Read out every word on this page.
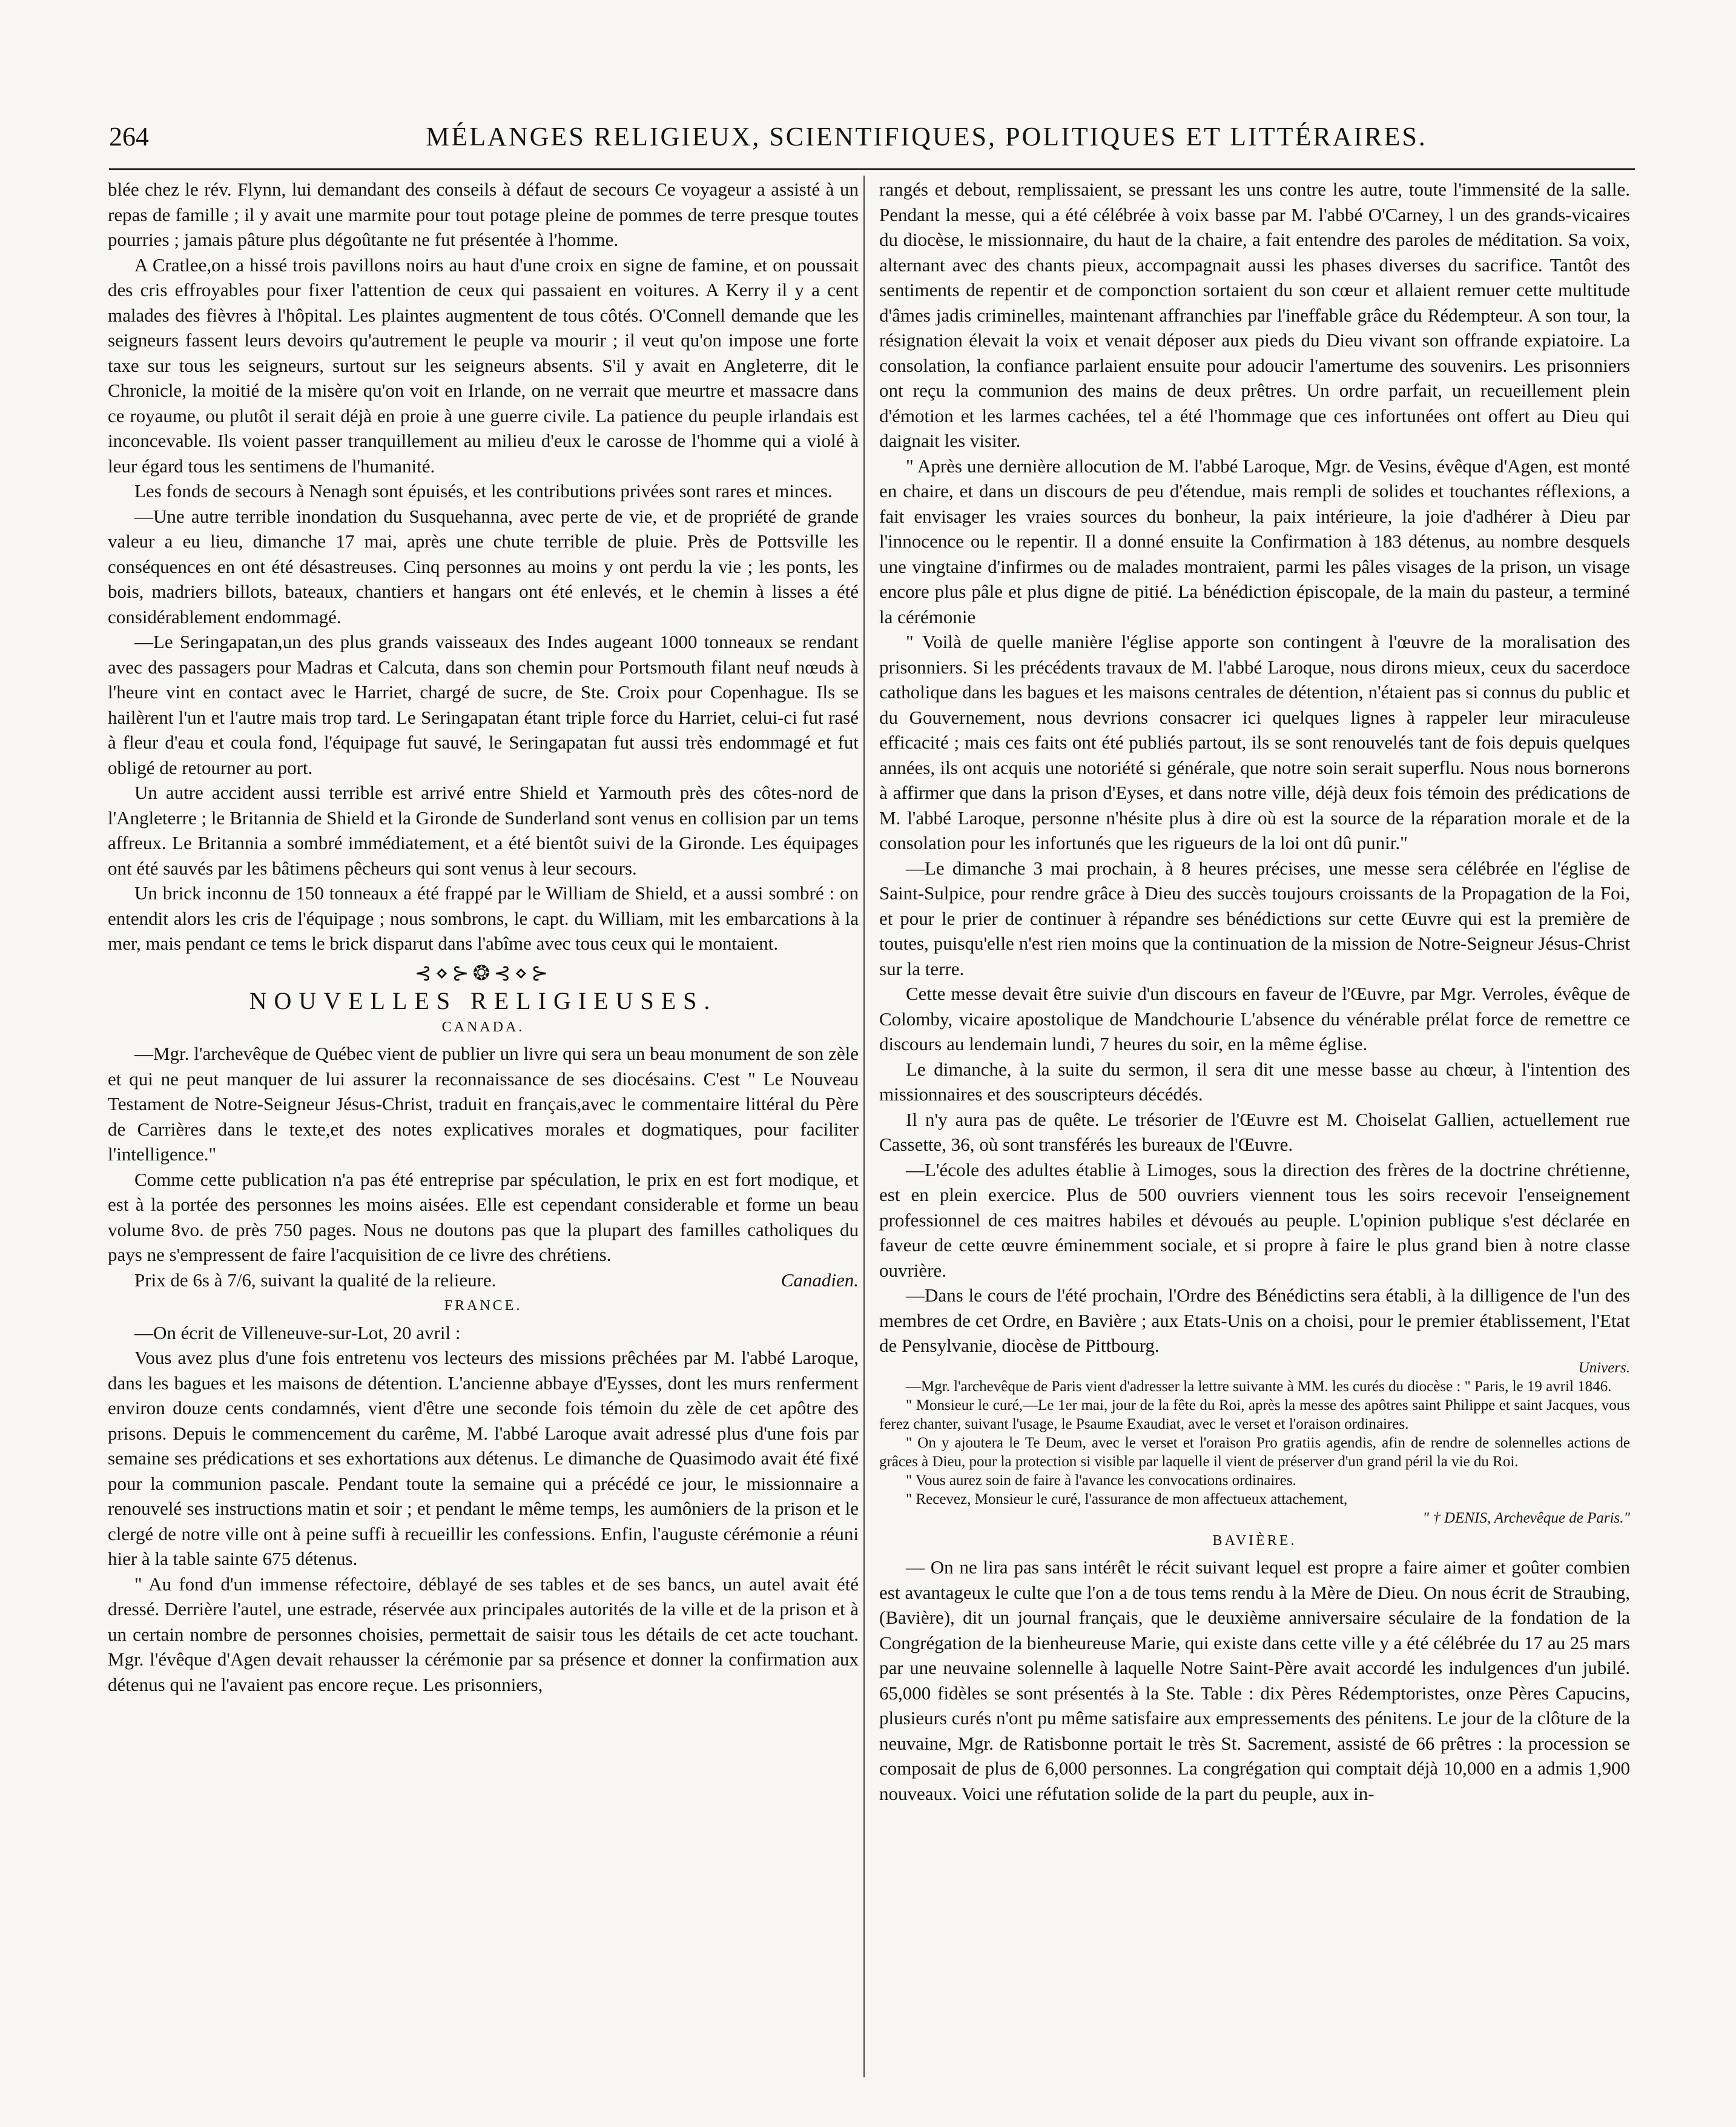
264	MÉLANGES RELIGIEUX, SCIENTIFIQUES, POLITIQUES ET LITTÉRAIRES.

blée chez le rév. Flynn, lui demandant des conseils à défaut de secours Ce voyageur a assisté à un repas de famille ; il y avait une marmite pour tout potage pleine de pommes de terre presque toutes pourries ; jamais pâture plus dégoûtante ne fut présentée à l'homme.

A Cratlee,on a hissé trois pavillons noirs au haut d'une croix en signe de famine, et on poussait des cris effroyables pour fixer l'attention de ceux qui passaient en voitures. A Kerry il y a cent malades des fièvres à l'hôpital. Les plaintes augmentent de tous côtés. O'Connell demande que les seigneurs fassent leurs devoirs qu'autrement le peuple va mourir ; il veut qu'on impose une forte taxe sur tous les seigneurs, surtout sur les seigneurs absents. S'il y avait en Angleterre, dit le Chronicle, la moitié de la misère qu'on voit en Irlande, on ne verrait que meurtre et massacre dans ce royaume, ou plutôt il serait déjà en proie à une guerre civile. La patience du peuple irlandais est inconcevable. Ils voient passer tranquillement au milieu d'eux le carosse de l'homme qui a violé à leur égard tous les sentimens de l'humanité.

Les fonds de secours à Nenagh sont épuisés, et les contributions privées sont rares et minces.

—Une autre terrible inondation du Susquehanna, avec perte de vie, et de propriété de grande valeur a eu lieu, dimanche 17 mai, après une chute terrible de pluie. Près de Pottsville les conséquences en ont été désastreuses. Cinq personnes au moins y ont perdu la vie ; les ponts, les bois, madriers billots, bateaux, chantiers et hangars ont été enlevés, et le chemin à lisses a été considérablement endommagé.

—Le Seringapatan,un des plus grands vaisseaux des Indes augeant 1000 tonneaux se rendant avec des passagers pour Madras et Calcuta, dans son chemin pour Portsmouth filant neuf nœuds à l'heure vint en contact avec le Harriet, chargé de sucre, de Ste. Croix pour Copenhague. Ils se hailèrent l'un et l'autre mais trop tard. Le Seringapatan étant triple force du Harriet, celui-ci fut rasé à fleur d'eau et coula fond, l'équipage fut sauvé, le Seringapatan fut aussi très endommagé et fut obligé de retourner au port.

Un autre accident aussi terrible est arrivé entre Shield et Yarmouth près des côtes-nord de l'Angleterre ; le Britannia de Shield et la Gironde de Sunderland sont venus en collision par un tems affreux. Le Britannia a sombré immédiatement, et a été bientôt suivi de la Gironde. Les équipages ont été sauvés par les bâtimens pêcheurs qui sont venus à leur secours.

Un brick inconnu de 150 tonneaux a été frappé par le William de Shield, et a aussi sombré : on entendit alors les cris de l'équipage ; nous sombrons, le capt. du William, mit les embarcations à la mer, mais pendant ce tems le brick disparut dans l'abîme avec tous ceux qui le montaient.

⊰⋄⊱❂⊰⋄⊱
NOUVELLES RELIGIEUSES.
CANADA.

—Mgr. l'archevêque de Québec vient de publier un livre qui sera un beau monument de son zèle et qui ne peut manquer de lui assurer la reconnaissance de ses diocésains. C'est " Le Nouveau Testament de Notre-Seigneur Jésus-Christ, traduit en français,avec le commentaire littéral du Père de Carrières dans le texte,et des notes explicatives morales et dogmatiques, pour faciliter l'intelligence."

Comme cette publication n'a pas été entreprise par spéculation, le prix en est fort modique, et est à la portée des personnes les moins aisées. Elle est cependant considerable et forme un beau volume 8vo. de près 750 pages. Nous ne doutons pas que la plupart des familles catholiques du pays ne s'empressent de faire l'acquisition de ce livre des chrétiens.

Prix de 6s à 7/6, suivant la qualité de la relieure.	Canadien.

FRANCE.

—On écrit de Villeneuve-sur-Lot, 20 avril :

Vous avez plus d'une fois entretenu vos lecteurs des missions prêchées par M. l'abbé Laroque, dans les bagues et les maisons de détention. L'ancienne abbaye d'Eysses, dont les murs renferment environ douze cents condamnés, vient d'être une seconde fois témoin du zèle de cet apôtre des prisons. Depuis le commencement du carême, M. l'abbé Laroque avait adressé plus d'une fois par semaine ses prédications et ses exhortations aux détenus. Le dimanche de Quasimodo avait été fixé pour la communion pascale. Pendant toute la semaine qui a précédé ce jour, le missionnaire a renouvelé ses instructions matin et soir ; et pendant le même temps, les aumôniers de la prison et le clergé de notre ville ont à peine suffi à recueillir les confessions. Enfin, l'auguste cérémonie a réuni hier à la table sainte 675 détenus.

" Au fond d'un immense réfectoire, déblayé de ses tables et de ses bancs, un autel avait été dressé. Derrière l'autel, une estrade, réservée aux principales autorités de la ville et de la prison et à un certain nombre de personnes choisies, permettait de saisir tous les détails de cet acte touchant. Mgr. l'évêque d'Agen devait rehausser la cérémonie par sa présence et donner la confirmation aux détenus qui ne l'avaient pas encore reçue. Les prisonniers,

rangés et debout, remplissaient, se pressant les uns contre les autre, toute l'immensité de la salle. Pendant la messe, qui a été célébrée à voix basse par M. l'abbé O'Carney, l un des grands-vicaires du diocèse, le missionnaire, du haut de la chaire, a fait entendre des paroles de méditation. Sa voix, alternant avec des chants pieux, accompagnait aussi les phases diverses du sacrifice. Tantôt des sentiments de repentir et de componction sortaient du son cœur et allaient remuer cette multitude d'âmes jadis criminelles, maintenant affranchies par l'ineffable grâce du Rédempteur. A son tour, la résignation élevait la voix et venait déposer aux pieds du Dieu vivant son offrande expiatoire. La consolation, la confiance parlaient ensuite pour adoucir l'amertume des souvenirs. Les prisonniers ont reçu la communion des mains de deux prêtres. Un ordre parfait, un recueillement plein d'émotion et les larmes cachées, tel a été l'hommage que ces infortunées ont offert au Dieu qui daignait les visiter.

" Après une dernière allocution de M. l'abbé Laroque, Mgr. de Vesins, évêque d'Agen, est monté en chaire, et dans un discours de peu d'étendue, mais rempli de solides et touchantes réflexions, a fait envisager les vraies sources du bonheur, la paix intérieure, la joie d'adhérer à Dieu par l'innocence ou le repentir. Il a donné ensuite la Confirmation à 183 détenus, au nombre desquels une vingtaine d'infirmes ou de malades montraient, parmi les pâles visages de la prison, un visage encore plus pâle et plus digne de pitié. La bénédiction épiscopale, de la main du pasteur, a terminé la cérémonie

" Voilà de quelle manière l'église apporte son contingent à l'œuvre de la moralisation des prisonniers. Si les précédents travaux de M. l'abbé Laroque, nous dirons mieux, ceux du sacerdoce catholique dans les bagues et les maisons centrales de détention, n'étaient pas si connus du public et du Gouvernement, nous devrions consacrer ici quelques lignes à rappeler leur miraculeuse efficacité ; mais ces faits ont été publiés partout, ils se sont renouvelés tant de fois depuis quelques années, ils ont acquis une notoriété si générale, que notre soin serait superflu. Nous nous bornerons à affirmer que dans la prison d'Eyses, et dans notre ville, déjà deux fois témoin des prédications de M. l'abbé Laroque, personne n'hésite plus à dire où est la source de la réparation morale et de la consolation pour les infortunés que les rigueurs de la loi ont dû punir."

—Le dimanche 3 mai prochain, à 8 heures précises, une messe sera célébrée en l'église de Saint-Sulpice, pour rendre grâce à Dieu des succès toujours croissants de la Propagation de la Foi, et pour le prier de continuer à répandre ses bénédictions sur cette Œuvre qui est la première de toutes, puisqu'elle n'est rien moins que la continuation de la mission de Notre-Seigneur Jésus-Christ sur la terre.

Cette messe devait être suivie d'un discours en faveur de l'Œuvre, par Mgr. Verroles, évêque de Colomby, vicaire apostolique de Mandchourie L'absence du vénérable prélat force de remettre ce discours au lendemain lundi, 7 heures du soir, en la même église.

Le dimanche, à la suite du sermon, il sera dit une messe basse au chœur, à l'intention des missionnaires et des souscripteurs décédés.

Il n'y aura pas de quête. Le trésorier de l'Œuvre est M. Choiselat Gallien, actuellement rue Cassette, 36, où sont transférés les bureaux de l'Œuvre.

—L'école des adultes établie à Limoges, sous la direction des frères de la doctrine chrétienne, est en plein exercice. Plus de 500 ouvriers viennent tous les soirs recevoir l'enseignement professionnel de ces maitres habiles et dévoués au peuple. L'opinion publique s'est déclarée en faveur de cette œuvre éminemment sociale, et si propre à faire le plus grand bien à notre classe ouvrière.

—Dans le cours de l'été prochain, l'Ordre des Bénédictins sera établi, à la dilligence de l'un des membres de cet Ordre, en Bavière ; aux Etats-Unis on a choisi, pour le premier établissement, l'Etat de Pensylvanie, diocèse de Pittbourg.

Univers.

—Mgr. l'archevêque de Paris vient d'adresser la lettre suivante à MM. les curés du diocèse : " Paris, le 19 avril 1846.

" Monsieur le curé,—Le 1er mai, jour de la fête du Roi, après la messe des apôtres saint Philippe et saint Jacques, vous ferez chanter, suivant l'usage, le Psaume Exaudiat, avec le verset et l'oraison ordinaires.

" On y ajoutera le Te Deum, avec le verset et l'oraison Pro gratiis agendis, afin de rendre de solennelles actions de grâces à Dieu, pour la protection si visible par laquelle il vient de préserver d'un grand péril la vie du Roi.

" Vous aurez soin de faire à l'avance les convocations ordinaires.

" Recevez, Monsieur le curé, l'assurance de mon affectueux attachement,

" † DENIS, Archevêque de Paris."

BAVIÈRE.

— On ne lira pas sans intérêt le récit suivant lequel est propre a faire aimer et goûter combien est avantageux le culte que l'on a de tous tems rendu à la Mère de Dieu. On nous écrit de Straubing, (Bavière), dit un journal français, que le deuxième anniversaire séculaire de la fondation de la Congrégation de la bienheureuse Marie, qui existe dans cette ville y a été célébrée du 17 au 25 mars par une neuvaine solennelle à laquelle Notre Saint-Père avait accordé les indulgences d'un jubilé. 65,000 fidèles se sont présentés à la Ste. Table : dix Pères Rédemptoristes, onze Pères Capucins, plusieurs curés n'ont pu même satisfaire aux empressements des pénitens. Le jour de la clôture de la neuvaine, Mgr. de Ratisbonne portait le très St. Sacrement, assisté de 66 prêtres : la procession se composait de plus de 6,000 personnes. La congrégation qui comptait déjà 10,000 en a admis 1,900 nouveaux. Voici une réfutation solide de la part du peuple, aux in-
